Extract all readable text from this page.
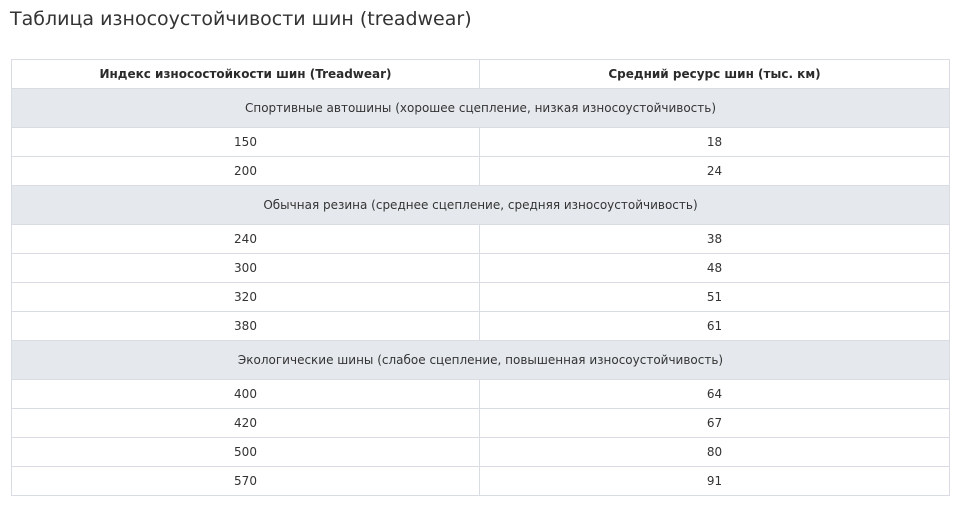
Таблица износоустойчивости шин (treadwear)
Индекс износостойкости шин (Treadwear)	Средний ресурс шин (тыс. км)
Спортивные автошины (хорошее сцепление, низкая износоустойчивость)	
150	18
200	24
Обычная резина (среднее сцепление, средняя износоустойчивость)	
240	38
300	48
320	51
380	61
Экологические шины (слабое сцепление, повышенная износоустойчивость)	
400	64
420	67
500	80
570	91
